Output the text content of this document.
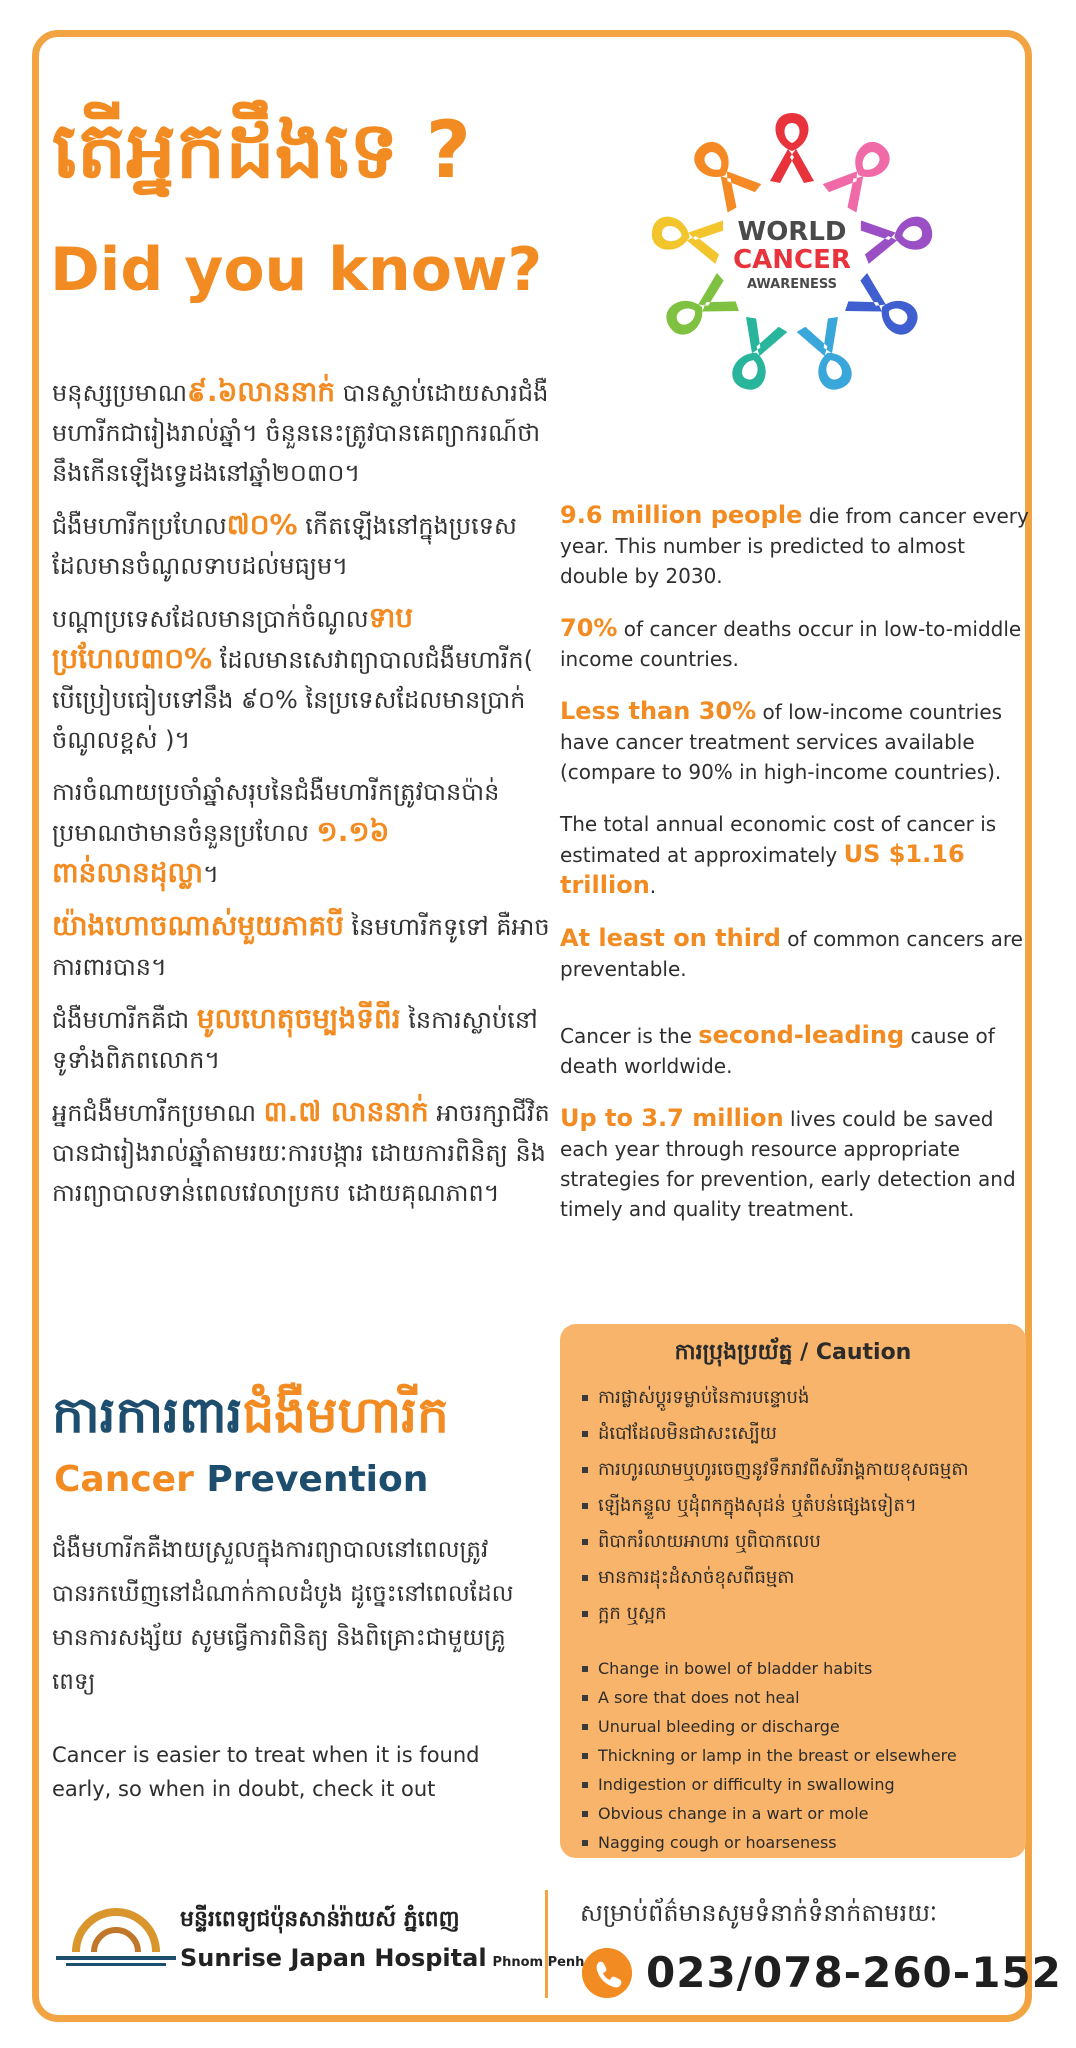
តើអ្នកដឹងទេ ?
Did you know?
WORLD
CANCER
AWARENESS

មនុស្សប្រមាណ៩.៦លាននាក់ បានស្លាប់ដោយសារជំងឺមហារីកជារៀងរាល់ឆ្នាំ។ ចំនួននេះត្រូវបានគេព្យាករណ៍ថានឹងកើនឡើងទ្វេដងនៅឆ្នាំ២០៣០។

ជំងឺមហារីកប្រហែល៧០% កើតឡើងនៅក្នុងប្រទេសដែលមានចំណូលទាបដល់មធ្យម។

បណ្តាប្រទេសដែលមានប្រាក់ចំណូលទាបប្រហែល៣០% ដែលមានសេវាព្យាបាលជំងឺមហារីក( បើប្រៀបធៀបទៅនឹង ៩០% នៃប្រទេសដែលមានប្រាក់ចំណូលខ្ពស់ )។

ការចំណាយប្រចាំឆ្នាំសរុបនៃជំងឺមហារីកត្រូវបានប៉ាន់ប្រមាណថាមានចំនួនប្រហែល ១.១៦ ពាន់លានដុល្លា។

យ៉ាងហោចណាស់មួយភាគបី នៃមហារីកទូទៅ គឺអាចការពារបាន។

ជំងឺមហារីកគឺជា មូលហេតុចម្បងទីពីរ នៃការស្លាប់នៅទូទាំងពិភពលោក។

អ្នកជំងឺមហារីកប្រមាណ ៣.៧ លាននាក់ អាចរក្សាជីវិតបានជារៀងរាល់ឆ្នាំតាមរយៈការបង្ការ ដោយការពិនិត្យ និងការព្យាបាលទាន់ពេលវេលាប្រកប ដោយគុណភាព។

9.6 million people die from cancer every year. This number is predicted to almost double by 2030.

70% of cancer deaths occur in low-to-middle income countries.

Less than 30% of low-income countries have cancer treatment services available (compare to 90% in high-income countries).

The total annual economic cost of cancer is estimated at approximately US $1.16 trillion.

At least on third of common cancers are preventable.

Cancer is the second-leading cause of death worldwide.

Up to 3.7 million lives could be saved each year through resource appropriate strategies for prevention, early detection and timely and quality treatment.

ការការពារជំងឺមហារីក
Cancer Prevention

ជំងឺមហារីកគឺងាយស្រួលក្នុងការព្យាបាលនៅពេលត្រូវបានរកឃើញនៅដំណាក់កាលដំបូង ដូច្នេះនៅពេលដែលមានការសង្ស័យ សូមធ្វើការពិនិត្យ និងពិគ្រោះជាមួយគ្រូពេទ្យ

Cancer is easier to treat when it is found early, so when in doubt, check it out

ការប្រុងប្រយ័ត្ន / Caution
ការផ្លាស់ប្តូរទម្លាប់នៃការបន្ទោបង់
ដំបៅដែលមិនជាសះស្បើយ
ការហូរឈាមឬហូរចេញនូវទឹករាវពីសរីរាង្គកាយខុសធម្មតា
ឡើងកន្ទួល ឬដុំពកក្នុងសុដន់ ឬតំបន់ផ្សេងទៀត។
ពិបាករំលាយអាហារ ឬពិបាកលេប
មានការដុះដំសាច់ខុសពីធម្មតា
ក្អក ឬស្អក
Change in bowel of bladder habits
A sore that does not heal
Unurual bleeding or discharge
Thickning or lamp in the breast or elsewhere
Indigestion or difficulty in swallowing
Obvious change in a wart or mole
Nagging cough or hoarseness
មន្ទីរពេទ្យជប៉ុនសាន់រ៉ាយស៍ ភ្នំពេញ
Sunrise Japan Hospital Phnom Penh
សម្រាប់ព័ត៌មានសូមទំនាក់ទំនាក់តាមរយៈ
023/078-260-152
